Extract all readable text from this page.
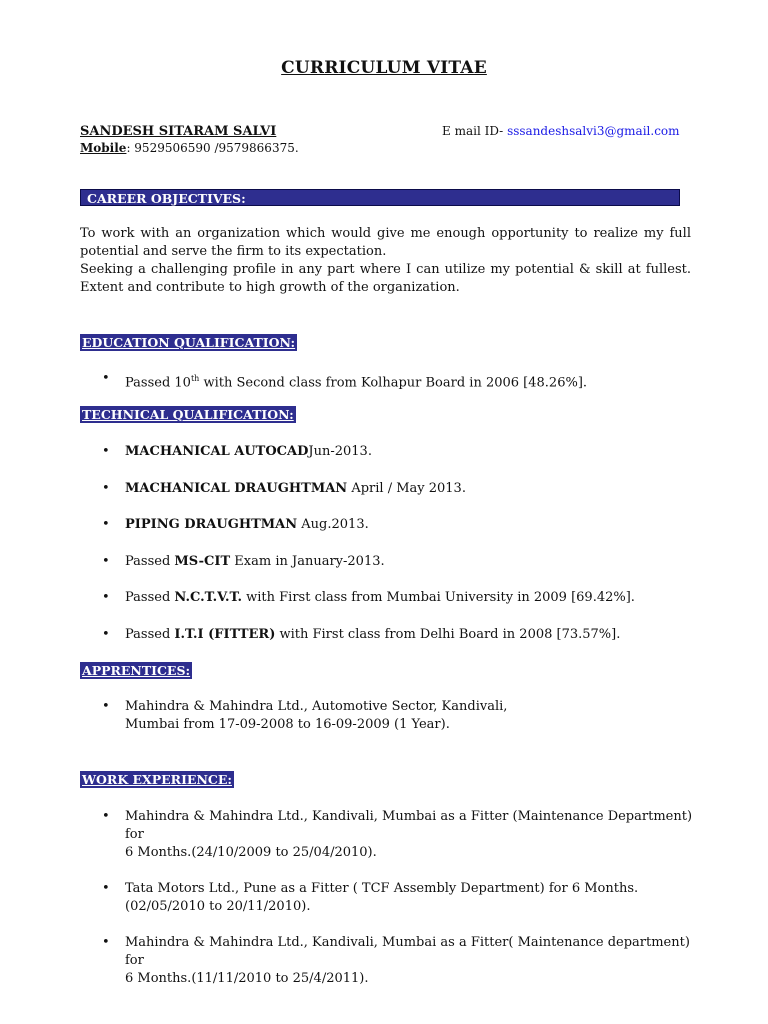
CURRICULUM VITAE
SANDESH SITARAM SALVI	E mail ID- sssandeshsalvi3@gmail.com
Mobile: 9529506590 /9579866375.
CAREER OBJECTIVES:

To work with an organization which would give me enough opportunity to realize my full potential and serve the firm to its expectation.

Seeking a challenging profile in any part where I can utilize my potential & skill at fullest. Extent and contribute to high growth of the organization.

EDUCATION QUALIFICATION:
• Passed 10th with Second class from Kolhapur Board in 2006 [48.26%].
TECHNICAL QUALIFICATION:
• MACHANICAL AUTOCADJun-2013.
• MACHANICAL DRAUGHTMAN April / May 2013.
• PIPING DRAUGHTMAN Aug.2013.
• Passed MS-CIT Exam in January-2013.
• Passed N.C.T.V.T. with First class from Mumbai University in 2009 [69.42%].
• Passed I.T.I (FITTER) with First class from Delhi Board in 2008 [73.57%].
APPRENTICES:
• Mahindra & Mahindra Ltd., Automotive Sector, Kandivali,
Mumbai from 17-09-2008 to 16-09-2009 (1 Year).
WORK EXPERIENCE:
• Mahindra & Mahindra Ltd., Kandivali, Mumbai as a Fitter (Maintenance Department) for
6 Months.(24/10/2009 to 25/04/2010).
• Tata Motors Ltd., Pune as a Fitter ( TCF Assembly Department) for 6 Months.
(02/05/2010 to 20/11/2010).
• Mahindra & Mahindra Ltd., Kandivali, Mumbai as a Fitter( Maintenance department) for
6 Months.(11/11/2010 to 25/4/2011).
